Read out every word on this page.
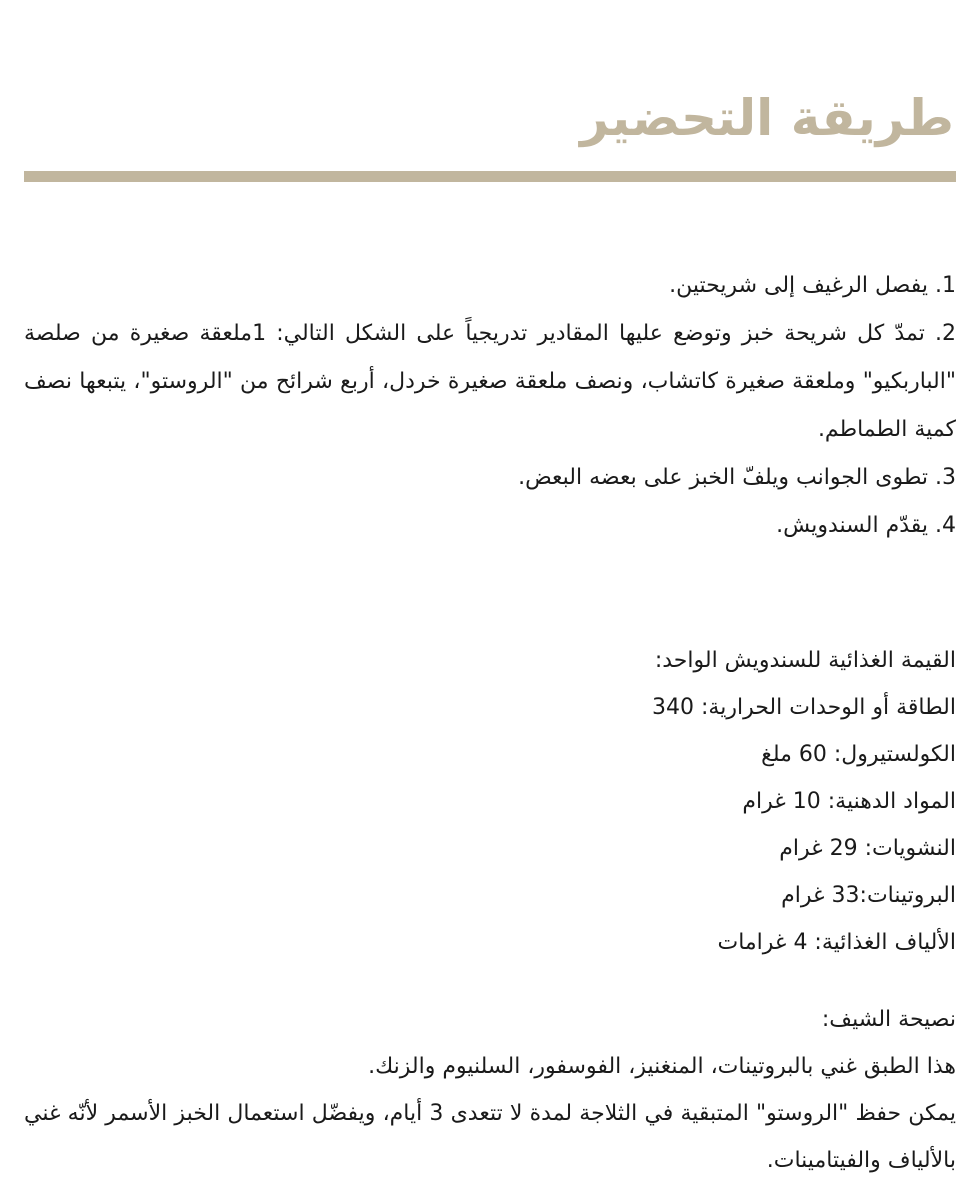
طريقة التحضير

1. يفصل الرغيف إلى شريحتين.

2. تمدّ كل شريحة خبز وتوضع عليها المقادير تدريجياً على الشكل التالي: 1ملعقة صغيرة من صلصة "الباربكيو" وملعقة صغيرة كاتشاب، ونصف ملعقة صغيرة خردل، أربع شرائح من "الروستو"، يتبعها نصف كمية الطماطم.

3. تطوى الجوانب ويلفّ الخبز على بعضه البعض.

4. يقدّم السندويش.

القيمة الغذائية للسندويش الواحد:

الطاقة أو الوحدات الحرارية: 340

الكولستيرول: 60 ملغ

المواد الدهنية: 10 غرام

النشويات: 29 غرام

البروتينات:33 غرام

الألياف الغذائية: 4 غرامات

نصيحة الشيف:

هذا الطبق غني بالبروتينات، المنغنيز، الفوسفور، السلنيوم والزنك.

يمكن حفظ "الروستو" المتبقية في الثلاجة لمدة لا تتعدى 3 أيام، ويفضّل استعمال الخبز الأسمر لأنّه غني بالألياف والفيتامينات.
